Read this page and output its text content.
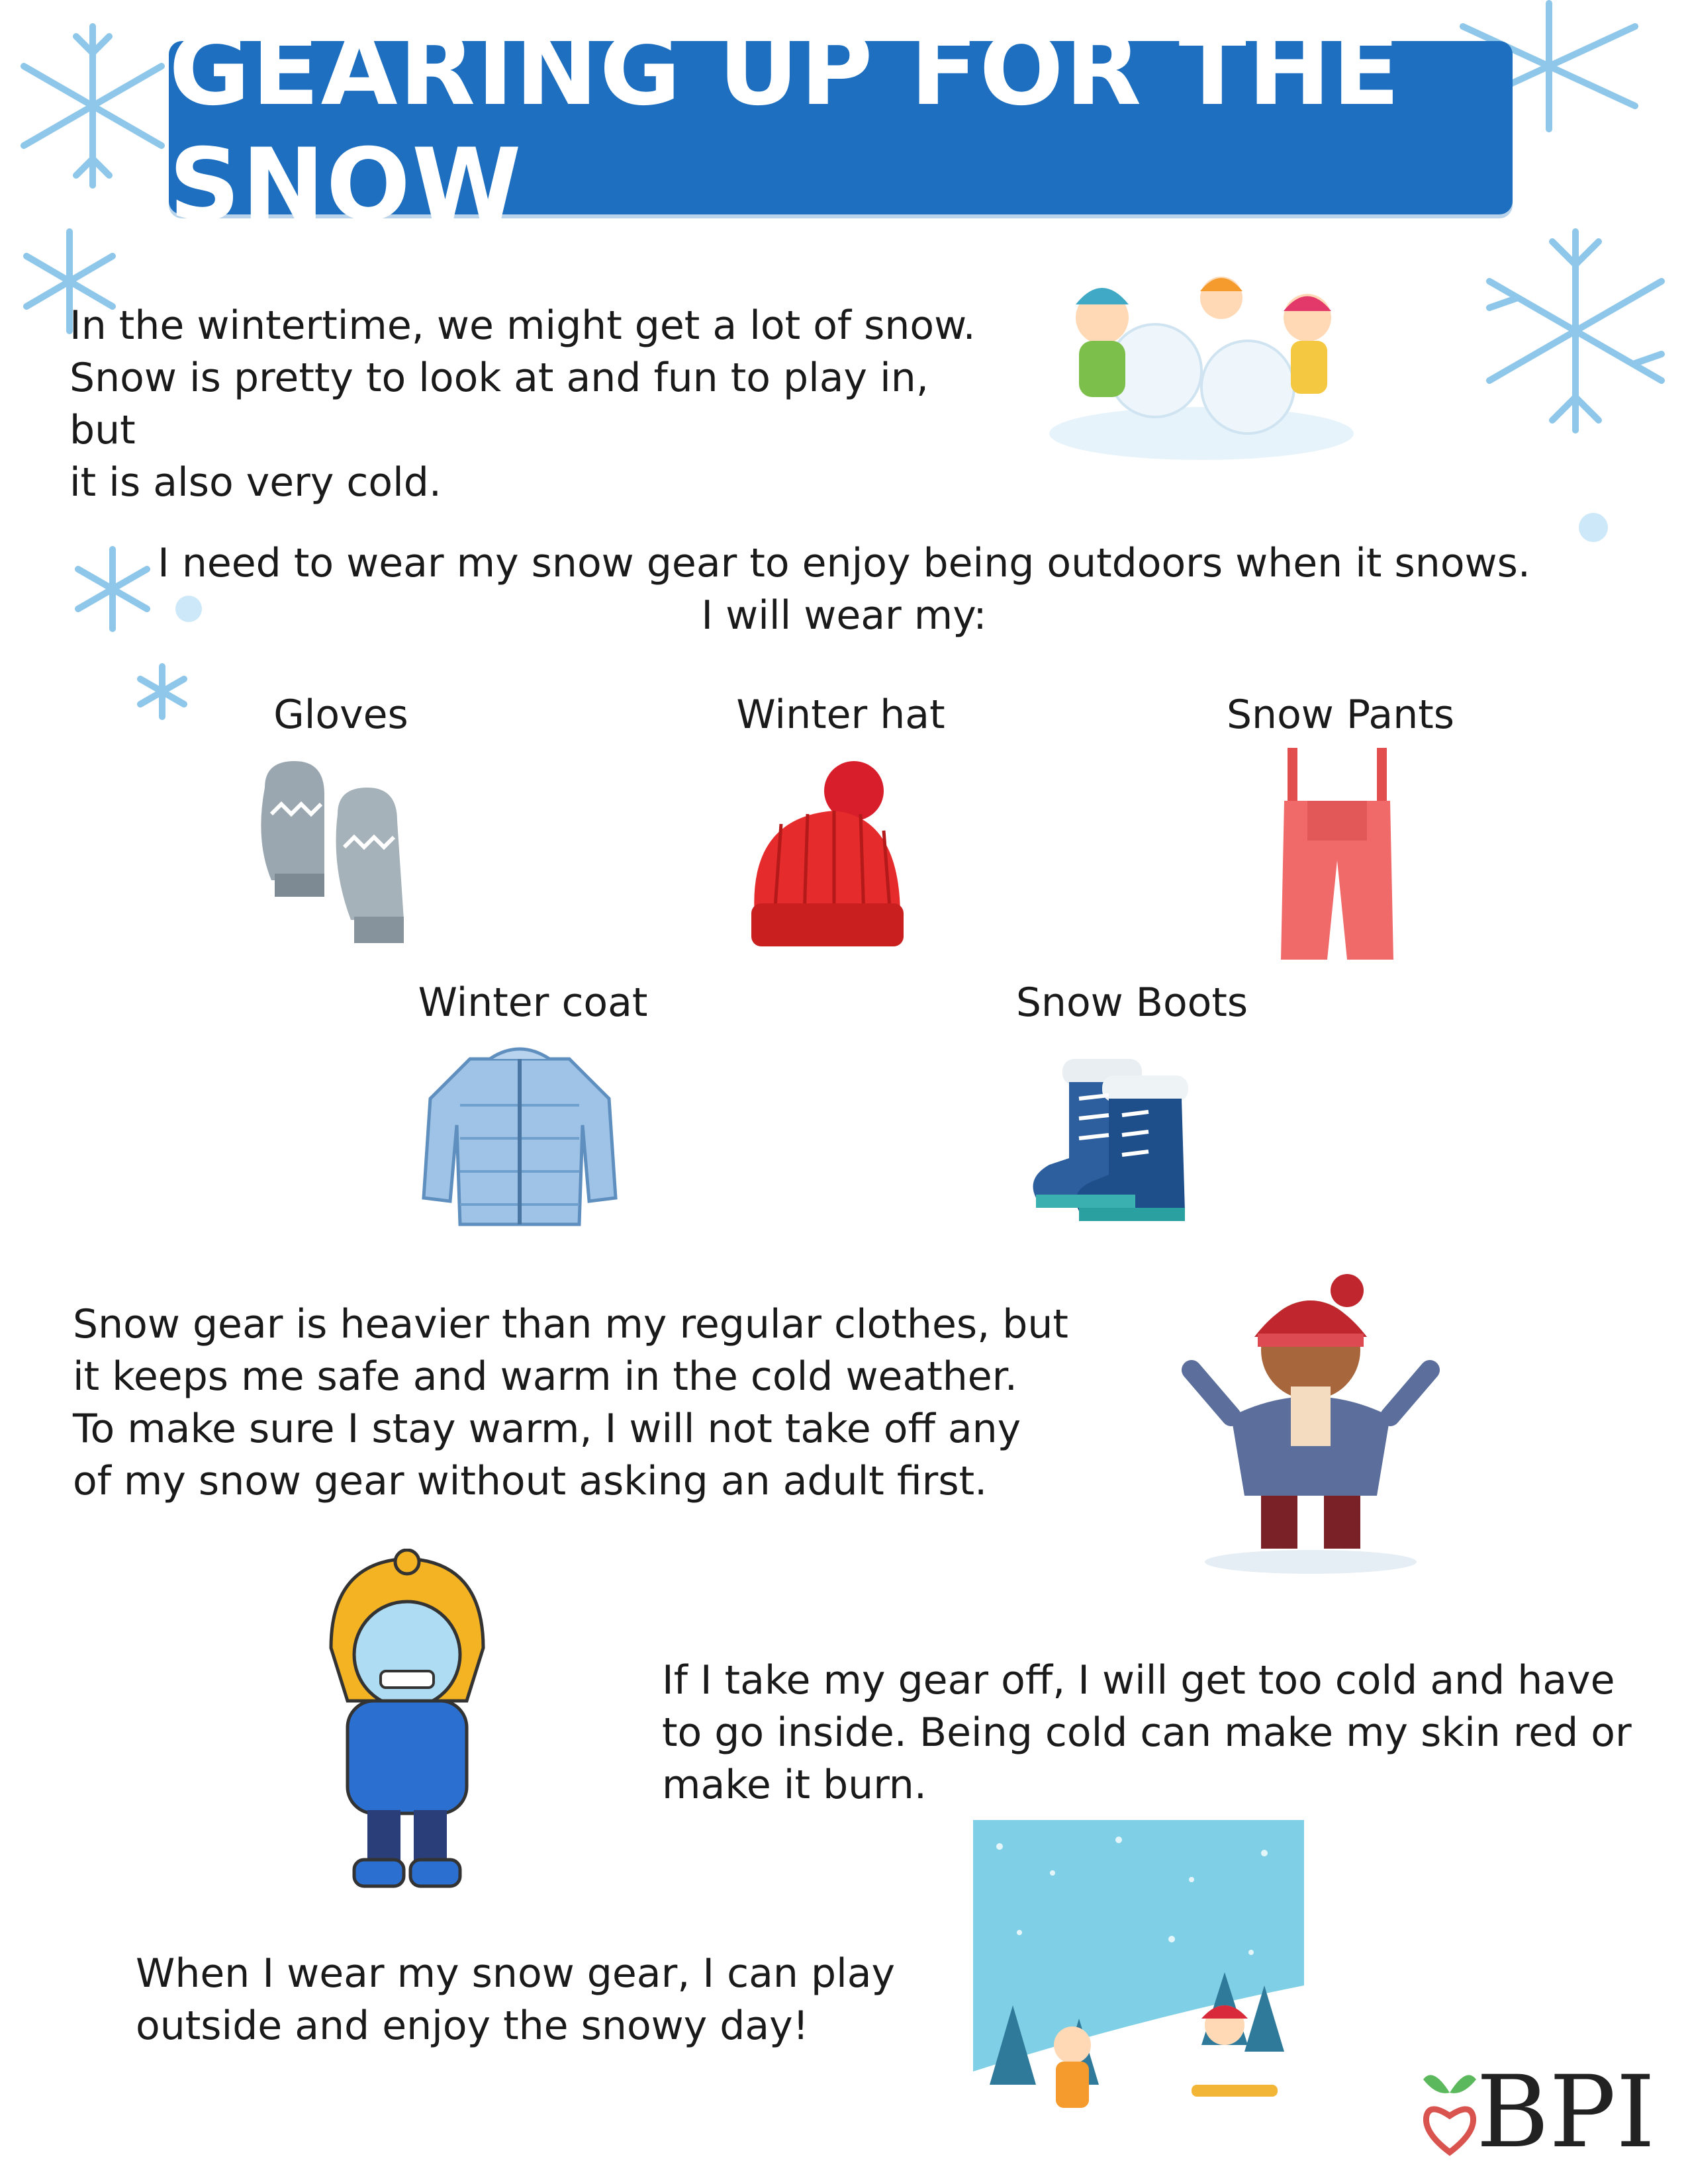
GEARING UP FOR THE SNOW
In the wintertime, we might get a lot of snow.
Snow is pretty to look at and fun to play in, but
it is also very cold.
I need to wear my snow gear to enjoy being outdoors when it snows.
I will wear my:
Gloves	Winter hat	Snow Pants
Winter coat	Snow Boots
Snow gear is heavier than my regular clothes, but
it keeps me safe and warm in the cold weather.
To make sure I stay warm, I will not take off any
of my snow gear without asking an adult first.
If I take my gear off, I will get too cold and have
to go inside. Being cold can make my skin red or
make it burn.
When I wear my snow gear, I can play
outside and enjoy the snowy day!
BPI
